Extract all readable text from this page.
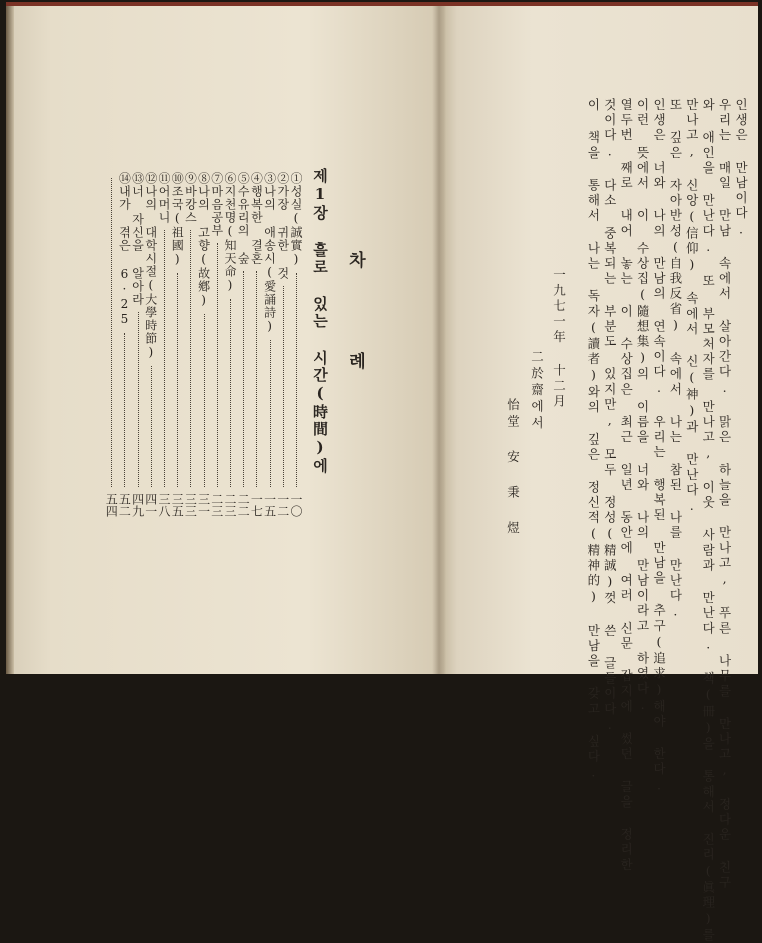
차 례
제1장 흘로 있는 시간(時間)에
①성실(誠實)
一〇
②가장 귀한 것
一二
③나의 애송시(愛誦詩)
一五
④행복한 결혼
一七
⑤수유리의 숲
二二
⑥지천명(知天命)
二三
⑦마음공부
二三
⑧나의 고향(故鄕)
三一
⑨바캉스
三三
⑩조국(祖國)
三五
⑪어머니
三八
⑫나의 대학시절(大學時節)
四一
⑬너 자신을 알아라
四九
⑭내가 겪은 6·25
五二
五四
인생은 만남이다.
우리는 매일 만남 속에서 살아간다. 맑은 하늘을 만나고, 푸른 나무를 만나고, 정다운 친구
와 애인을 만난다. 또 부모처자를 만나고, 이웃 사람과 만난다. 책(冊)을 통해서 진리(眞理)를
만나고, 신앙(信仰) 속에서 신(神)과 만난다.
또 깊은 자아반성(自我反省) 속에서 나는 참된 나를 만난다.
인생은 너와 나의 만남의 연속이다. 우리는 행복된 만남을 추구(追求)해야 한다.
이런 뜻에서 이 수상집(隨想集)의 이름을 너와 나의 만남이라고 하였다.
열두번 째로 내어 놓는 이 수상집은 최근 일년 동안에 여러 신문 잡지에 썼던 글을 정리한
것이다. 다소 중복되는 부분도 있지만, 모두 정성(精誠)껏 쓴 글들이다.
이 책을 통해서 나는 독자(讀者)와의 깊은 정신적(精神的) 만남을 갖고 싶다.
一九七一年 十二月
二於齋에서
怡堂 安 秉 煜
